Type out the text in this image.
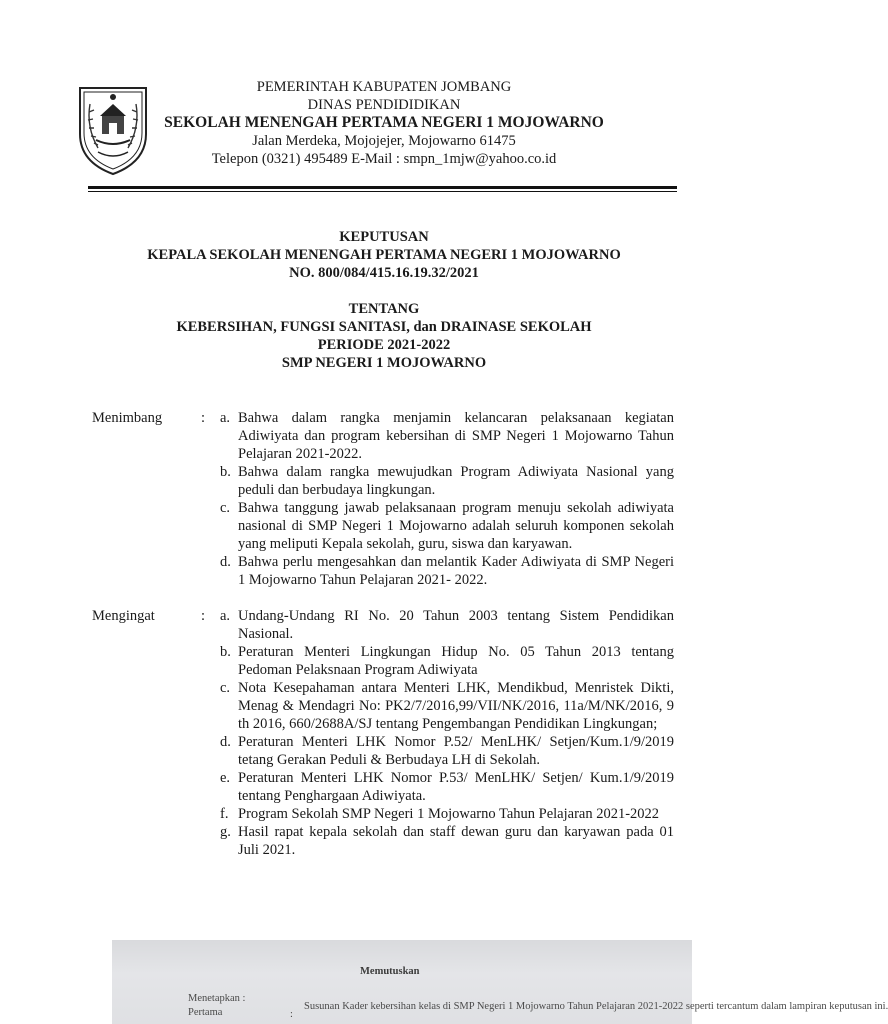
PEMERINTAH KABUPATEN JOMBANG
DINAS PENDIDIDIKAN
SEKOLAH MENENGAH PERTAMA NEGERI 1 MOJOWARNO
Jalan Merdeka, Mojojejer, Mojowarno 61475
Telepon (0321) 495489 E-Mail : smpn_1mjw@yahoo.co.id
KEPUTUSAN
KEPALA SEKOLAH MENENGAH PERTAMA NEGERI 1 MOJOWARNO
NO. 800/084/415.16.19.32/2021
TENTANG
KEBERSIHAN, FUNGSI SANITASI, dan DRAINASE SEKOLAH
PERIODE 2021-2022
SMP NEGERI 1 MOJOWARNO
Menimbang	: a. Bahwa dalam rangka menjamin kelancaran pelaksanaan kegiatan Adiwiyata dan program kebersihan di SMP Negeri 1 Mojowarno Tahun Pelajaran 2021-2022.
b. Bahwa dalam rangka mewujudkan Program Adiwiyata Nasional yang peduli dan berbudaya lingkungan.
c. Bahwa tanggung jawab pelaksanaan program menuju sekolah adiwiyata nasional di SMP Negeri 1 Mojowarno adalah seluruh komponen sekolah yang meliputi Kepala sekolah, guru, siswa dan karyawan.
d. Bahwa perlu mengesahkan dan melantik Kader Adiwiyata di SMP Negeri 1 Mojowarno Tahun Pelajaran 2021- 2022.
Mengingat	: a. Undang-Undang RI No. 20 Tahun 2003 tentang Sistem Pendidikan Nasional.
b. Peraturan Menteri Lingkungan Hidup No. 05 Tahun 2013 tentang Pedoman Pelaksnaan Program Adiwiyata
c. Nota Kesepahaman antara Menteri LHK, Mendikbud, Menristek Dikti, Menag & Mendagri No: PK2/7/2016,99/VII/NK/2016, 11a/M/NK/2016, 9 th 2016, 660/2688A/SJ tentang Pengembangan Pendidikan Lingkungan;
d. Peraturan Menteri LHK Nomor P.52/ MenLHK/ Setjen/Kum.1/9/2019 tetang Gerakan Peduli & Berbudaya LH di Sekolah.
e. Peraturan Menteri LHK Nomor P.53/ MenLHK/ Setjen/ Kum.1/9/2019 tentang Penghargaan Adiwiyata.
f. Program Sekolah SMP Negeri 1 Mojowarno Tahun Pelajaran 2021-2022
g. Hasil rapat kepala sekolah dan staff dewan guru dan karyawan pada 01 Juli 2021.
Memutuskan
Menetapkan :
Pertama	:
Susunan Kader kebersihan kelas di SMP Negeri 1 Mojowarno Tahun Pelajaran 2021-2022 seperti tercantum dalam lampiran keputusan ini.
